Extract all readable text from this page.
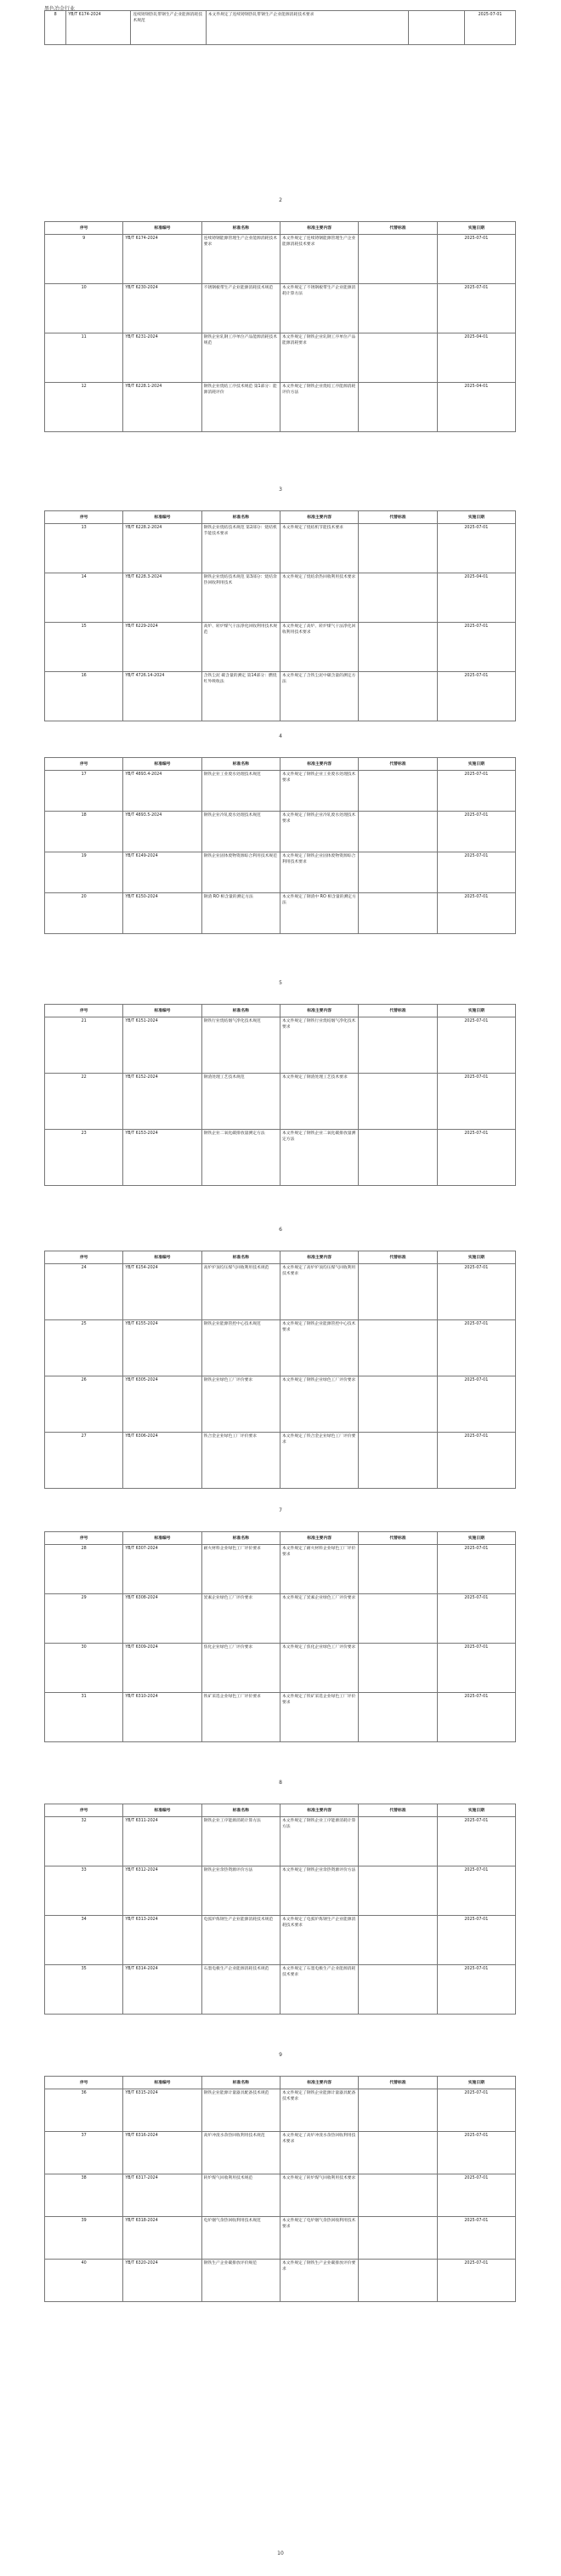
黑色冶金行业
8	YB/T 6174-2024	连续铸钢热轧带钢生产企业能源消耗技术规范	本文件规定了连续铸钢热轧带钢生产企业能源消耗技术要求		2025-07-01
2
序号	标准编号	标准名称	标准主要内容	代替标准	实施日期
9	YB/T 6174-2024	连续铸钢能源管理生产企业能源消耗技术要求	本文件规定了连续铸钢能源管理生产企业能源消耗技术要求		2025-07-01
10	YB/T 6230-2024	不锈钢板带生产企业能源消耗技术规范	本文件规定了不锈钢板带生产企业能源消耗计算方法		2025-07-01
11	YB/T 6231-2024	钢铁企业轧钢工序单位产品能源消耗技术规范	本文件规定了钢铁企业轧钢工序单位产品能源消耗要求		2025-04-01
12	YB/T 6228.1-2024	钢铁企业烧结工序技术规范 第1部分：能源消耗评价	本文件规定了钢铁企业烧结工序能源消耗评价方法		2025-04-01
3
序号	标准编号	标准名称	标准主要内容	代替标准	实施日期
13	YB/T 6228.2-2024	钢铁企业烧结技术规范 第2部分：烧结机节能技术要求	本文件规定了烧结机节能技术要求		2025-07-01
14	YB/T 6228.3-2024	钢铁企业烧结技术规范 第3部分：烧结余热回收利用技术	本文件规定了烧结余热回收利用技术要求		2025-04-01
15	YB/T 6229-2024	高炉、转炉煤气干法净化回收利用技术规范	本文件规定了高炉、转炉煤气干法净化回收利用技术要求		2025-07-01
16	YB/T 4726.14-2024	含铁尘泥 碳含量的测定 第14部分：燃烧红外吸收法	本文件规定了含铁尘泥中碳含量的测定方法		2025-07-01
4
序号	标准编号	标准名称	标准主要内容	代替标准	实施日期
17	YB/T 4893.4-2024	钢铁企业工业废水处理技术规范	本文件规定了钢铁企业工业废水处理技术要求		2025-07-01
18	YB/T 4893.5-2024	钢铁企业冷轧废水处理技术规范	本文件规定了钢铁企业冷轧废水处理技术要求		2025-07-01
19	YB/T 6149-2024	钢铁企业固体废物资源综合利用技术规范	本文件规定了钢铁企业固体废物资源综合利用技术要求		2025-07-01
20	YB/T 6150-2024	钢渣 RO 相含量的测定方法	本文件规定了钢渣中 RO 相含量的测定方法		2025-07-01
5
序号	标准编号	标准名称	标准主要内容	代替标准	实施日期
21	YB/T 6151-2024	钢铁行业烧结烟气净化技术规范	本文件规定了钢铁行业烧结烟气净化技术要求		2025-07-01
22	YB/T 6152-2024	钢渣处理工艺技术规范	本文件规定了钢渣处理工艺技术要求		2025-07-01
23	YB/T 6153-2024	钢铁企业二氧化碳排放量测定方法	本文件规定了钢铁企业二氧化碳排放量测定方法		2025-07-01
6
序号	标准编号	标准名称	标准主要内容	代替标准	实施日期
24	YB/T 6154-2024	高炉炉顶均压煤气回收利用技术规范	本文件规定了高炉炉顶均压煤气回收利用技术要求		2025-07-01
25	YB/T 6155-2024	钢铁企业能源管控中心技术规范	本文件规定了钢铁企业能源管控中心技术要求		2025-07-01
26	YB/T 6305-2024	钢铁企业绿色工厂评价要求	本文件规定了钢铁企业绿色工厂评价要求		2025-07-01
27	YB/T 6306-2024	铁合金企业绿色工厂评价要求	本文件规定了铁合金企业绿色工厂评价要求		2025-07-01
7
序号	标准编号	标准名称	标准主要内容	代替标准	实施日期
28	YB/T 6307-2024	耐火材料企业绿色工厂评价要求	本文件规定了耐火材料企业绿色工厂评价要求		2025-07-01
29	YB/T 6308-2024	炭素企业绿色工厂评价要求	本文件规定了炭素企业绿色工厂评价要求		2025-07-01
30	YB/T 6309-2024	焦化企业绿色工厂评价要求	本文件规定了焦化企业绿色工厂评价要求		2025-07-01
31	YB/T 6310-2024	铁矿采选企业绿色工厂评价要求	本文件规定了铁矿采选企业绿色工厂评价要求		2025-07-01
8
序号	标准编号	标准名称	标准主要内容	代替标准	实施日期
32	YB/T 6311-2024	钢铁企业工序能源消耗计算方法	本文件规定了钢铁企业工序能源消耗计算方法		2025-07-01
33	YB/T 6312-2024	钢铁企业余热资源评价方法	本文件规定了钢铁企业余热资源评价方法		2025-07-01
34	YB/T 6313-2024	电弧炉炼钢生产企业能源消耗技术规范	本文件规定了电弧炉炼钢生产企业能源消耗技术要求		2025-07-01
35	YB/T 6314-2024	石墨电极生产企业能源消耗技术规范	本文件规定了石墨电极生产企业能源消耗技术要求		2025-07-01
9
序号	标准编号	标准名称	标准主要内容	代替标准	实施日期
36	YB/T 6315-2024	钢铁企业能源计量器具配备技术规范	本文件规定了钢铁企业能源计量器具配备技术要求		2025-07-01
37	YB/T 6316-2024	高炉冲渣水余热回收利用技术规范	本文件规定了高炉冲渣水余热回收利用技术要求		2025-07-01
38	YB/T 6317-2024	转炉煤气回收利用技术规范	本文件规定了转炉煤气回收利用技术要求		2025-07-01
39	YB/T 6318-2024	电炉烟气余热回收利用技术规范	本文件规定了电炉烟气余热回收利用技术要求		2025-07-01
40	YB/T 6320-2024	钢铁生产企业碳排放评价规范	本文件规定了钢铁生产企业碳排放评价要求		2025-07-01
10
